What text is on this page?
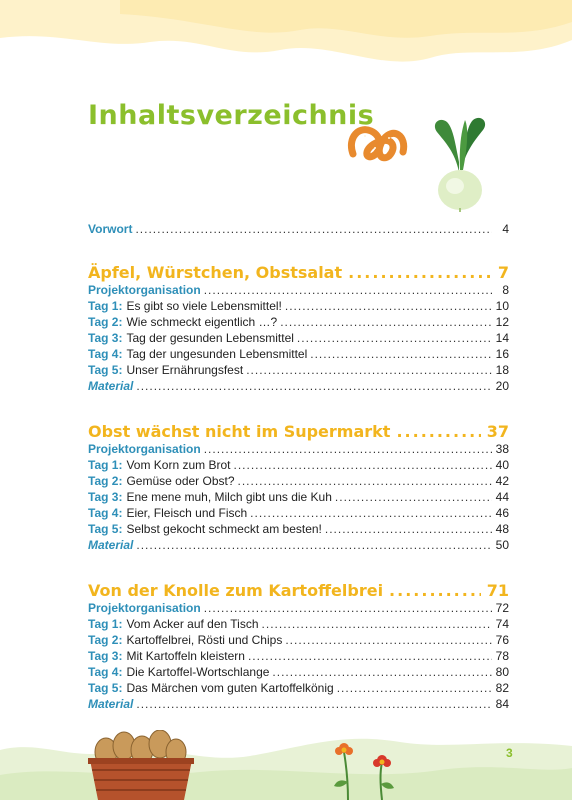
Inhaltsverzeichnis
Vorwort .....	4
Äpfel, Würstchen, Obstsalat .....	7
Projektorganisation .....	8
Tag 1: Es gibt so viele Lebensmittel! .....	10
Tag 2: Wie schmeckt eigentlich …? .....	12
Tag 3: Tag der gesunden Lebensmittel .....	14
Tag 4: Tag der ungesunden Lebensmittel .....	16
Tag 5: Unser Ernährungsfest .....	18
Material .....	20
Obst wächst nicht im Supermarkt .....	37
Projektorganisation .....	38
Tag 1: Vom Korn zum Brot .....	40
Tag 2: Gemüse oder Obst? .....	42
Tag 3: Ene mene muh, Milch gibt uns die Kuh .....	44
Tag 4: Eier, Fleisch und Fisch .....	46
Tag 5: Selbst gekocht schmeckt am besten! .....	48
Material .....	50
Von der Knolle zum Kartoffelbrei .....	71
Projektorganisation .....	72
Tag 1: Vom Acker auf den Tisch .....	74
Tag 2: Kartoffelbrei, Rösti und Chips .....	76
Tag 3: Mit Kartoffeln kleistern .....	78
Tag 4: Die Kartoffel-Wortschlange .....	80
Tag 5: Das Märchen vom guten Kartoffelkönig .....	82
Material .....	84
3
